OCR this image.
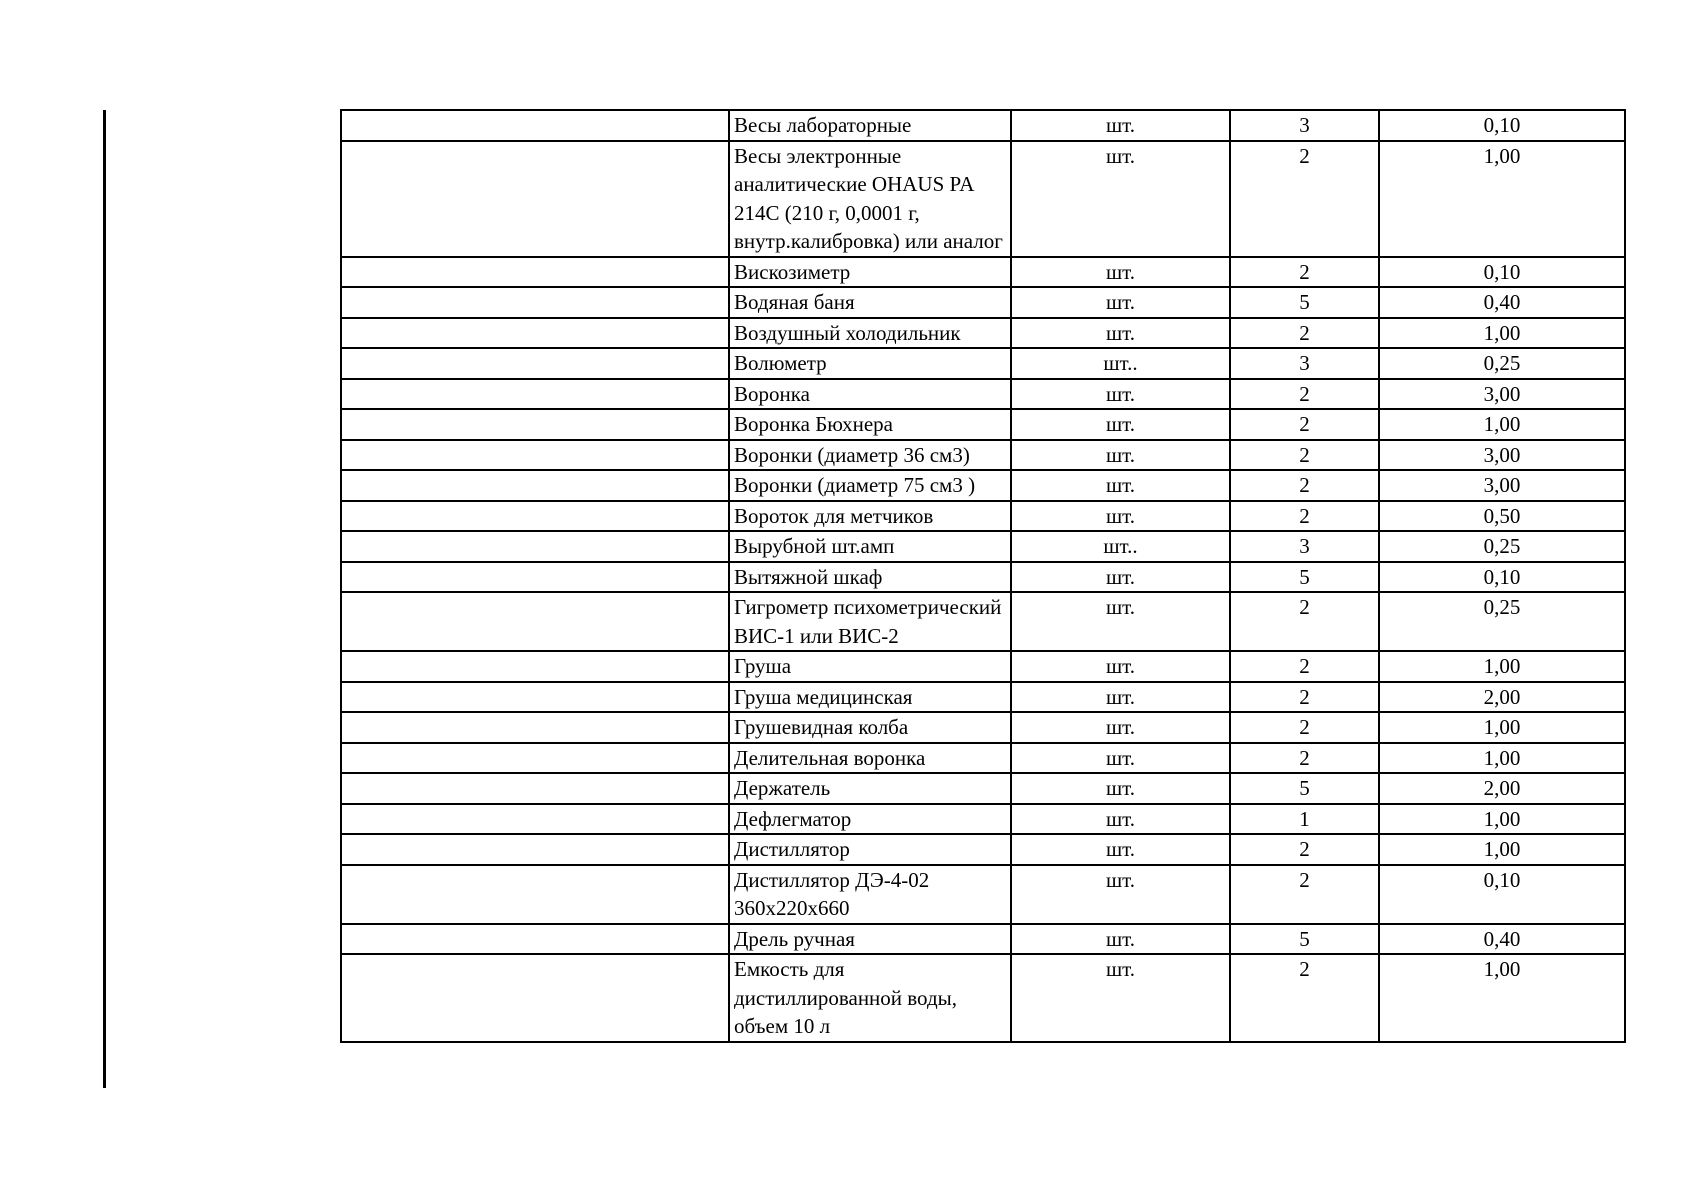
	Весы лабораторные	шт.	3	0,10
	Весы электронные аналитические OHAUS PA 214С (210 г, 0,0001 г, внутр.калибровка) или аналог	шт.	2	1,00
	Вискозиметр	шт.	2	0,10
	Водяная баня	шт.	5	0,40
	Воздушный холодильник	шт.	2	1,00
	Волюметр	шт..	3	0,25
	Воронка	шт.	2	3,00
	Воронка Бюхнера	шт.	2	1,00
	Воронки (диаметр 36 см3)	шт.	2	3,00
	Воронки (диаметр 75 см3 )	шт.	2	3,00
	Вороток для метчиков	шт.	2	0,50
	Вырубной шт.амп	шт..	3	0,25
	Вытяжной шкаф	шт.	5	0,10
	Гигрометр психометрический ВИС-1 или ВИС-2	шт.	2	0,25
	Груша	шт.	2	1,00
	Груша медицинская	шт.	2	2,00
	Грушевидная колба	шт.	2	1,00
	Делительная воронка	шт.	2	1,00
	Держатель	шт.	5	2,00
	Дефлегматор	шт.	1	1,00
	Дистиллятор	шт.	2	1,00
	Дистиллятор ДЭ-4-02 360x220x660	шт.	2	0,10
	Дрель ручная	шт.	5	0,40
	Емкость для дистиллированной воды, объем 10 л	шт.	2	1,00
